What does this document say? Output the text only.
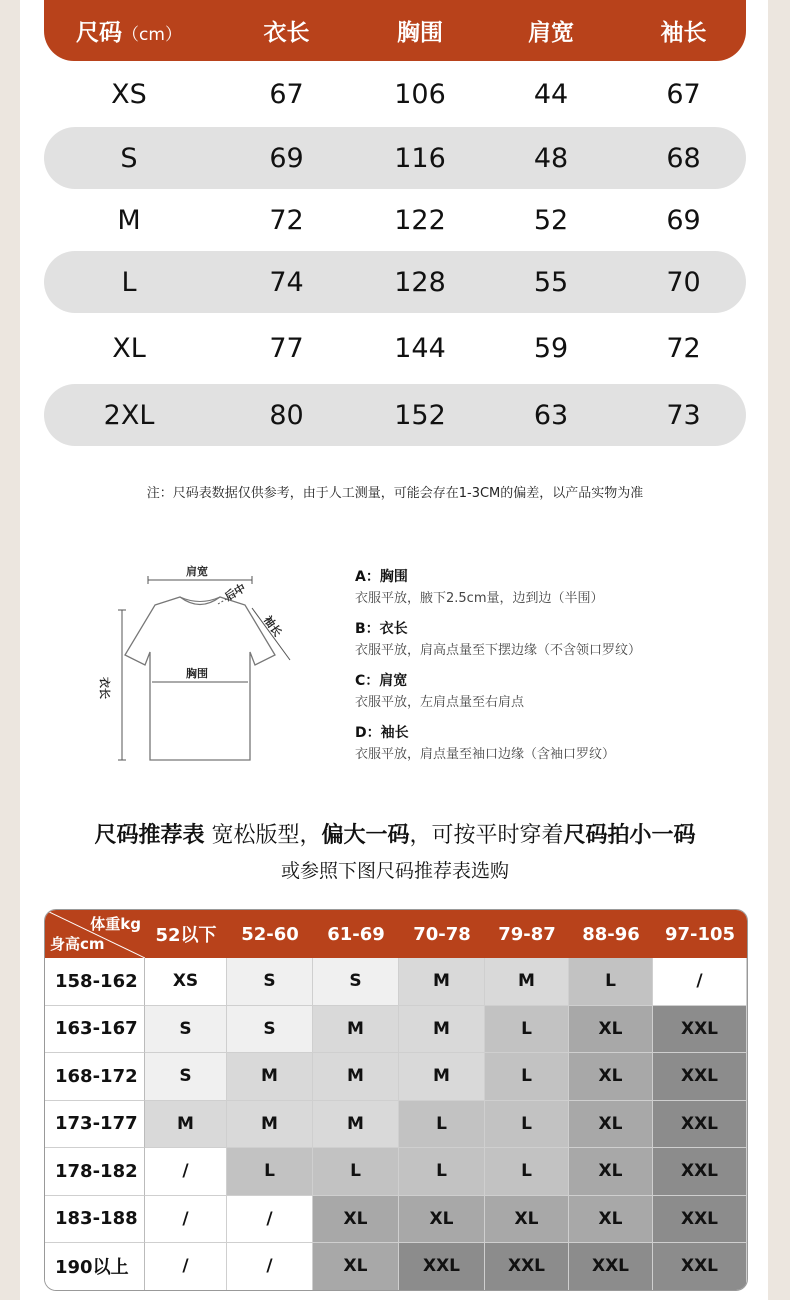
尺码（cm）	衣长	胸围	肩宽	袖长
XS	67	106	44	67
S	69	116	48	68
M	72	122	52	69
L	74	128	55	70
XL	77	144	59	72
2XL	80	152	63	73
注：尺码表数据仅供参考，由于人工测量，可能会存在1-3CM的偏差，以产品实物为准
肩宽
后中
袖长
胸围
衣长
A：胸围
衣服平放，腋下2.5cm量，边到边（半围）
B：衣长
衣服平放，肩高点量至下摆边缘（不含领口罗纹）
C：肩宽
衣服平放，左肩点量至右肩点
D：袖长
衣服平放，肩点量至袖口边缘（含袖口罗纹）
尺码推荐表 宽松版型，偏大一码，可按平时穿着尺码拍小一码
或参照下图尺码推荐表选购
体重kg
身高cm	52以下	52-60	61-69	70-78	79-87	88-96	97-105
158-162	XS	S	S	M	M	L	/
163-167	S	S	M	M	L	XL	XXL
168-172	S	M	M	M	L	XL	XXL
173-177	M	M	M	L	L	XL	XXL
178-182	/	L	L	L	L	XL	XXL
183-188	/	/	XL	XL	XL	XL	XXL
190以上	/	/	XL	XXL	XXL	XXL	XXL
